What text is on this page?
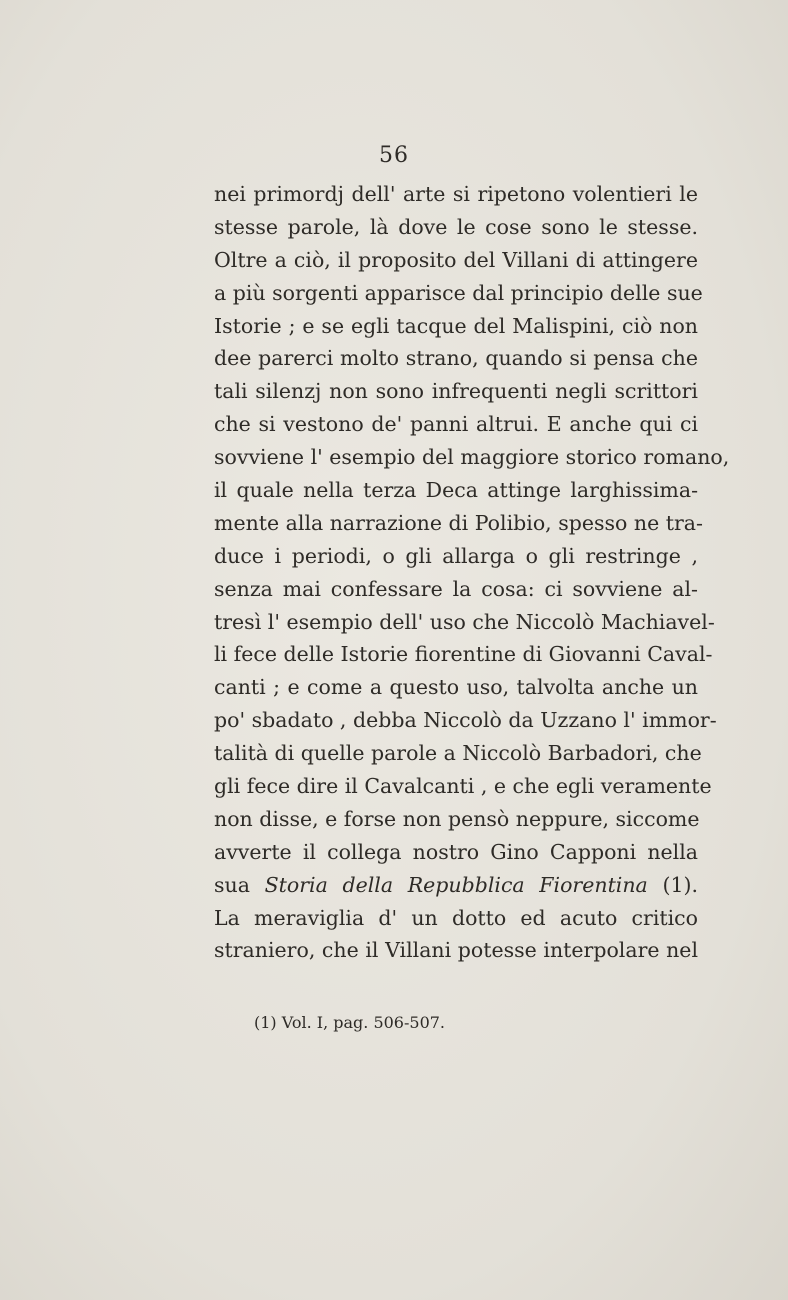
56
nei primordj dell' arte si ripetono volentieri le
stesse parole, là dove le cose sono le stesse.
Oltre a ciò, il proposito del Villani di attingere
a più sorgenti apparisce dal principio delle sue
Istorie ; e se egli tacque del Malispini, ciò non
dee parerci molto strano, quando si pensa che
tali silenzj non sono infrequenti negli scrittori
che si vestono de' panni altrui. E anche qui ci
sovviene l' esempio del maggiore storico romano,
il quale nella terza Deca attinge larghissima-
mente alla narrazione di Polibio, spesso ne tra-
duce i periodi, o gli allarga o gli restringe ,
senza mai confessare la cosa: ci sovviene al-
tresì l' esempio dell' uso che Niccolò Machiavel-
li fece delle Istorie fiorentine di Giovanni Caval-
canti ; e come a questo uso, talvolta anche un
po' sbadato , debba Niccolò da Uzzano l' immor-
talità di quelle parole a Niccolò Barbadori, che
gli fece dire il Cavalcanti , e che egli veramente
non disse, e forse non pensò neppure, siccome
avverte il collega nostro Gino Capponi nella
sua Storia della Repubblica Fiorentina (1).
La meraviglia d' un dotto ed acuto critico
straniero, che il Villani potesse interpolare nel
(1) Vol. I, pag. 506-507.
